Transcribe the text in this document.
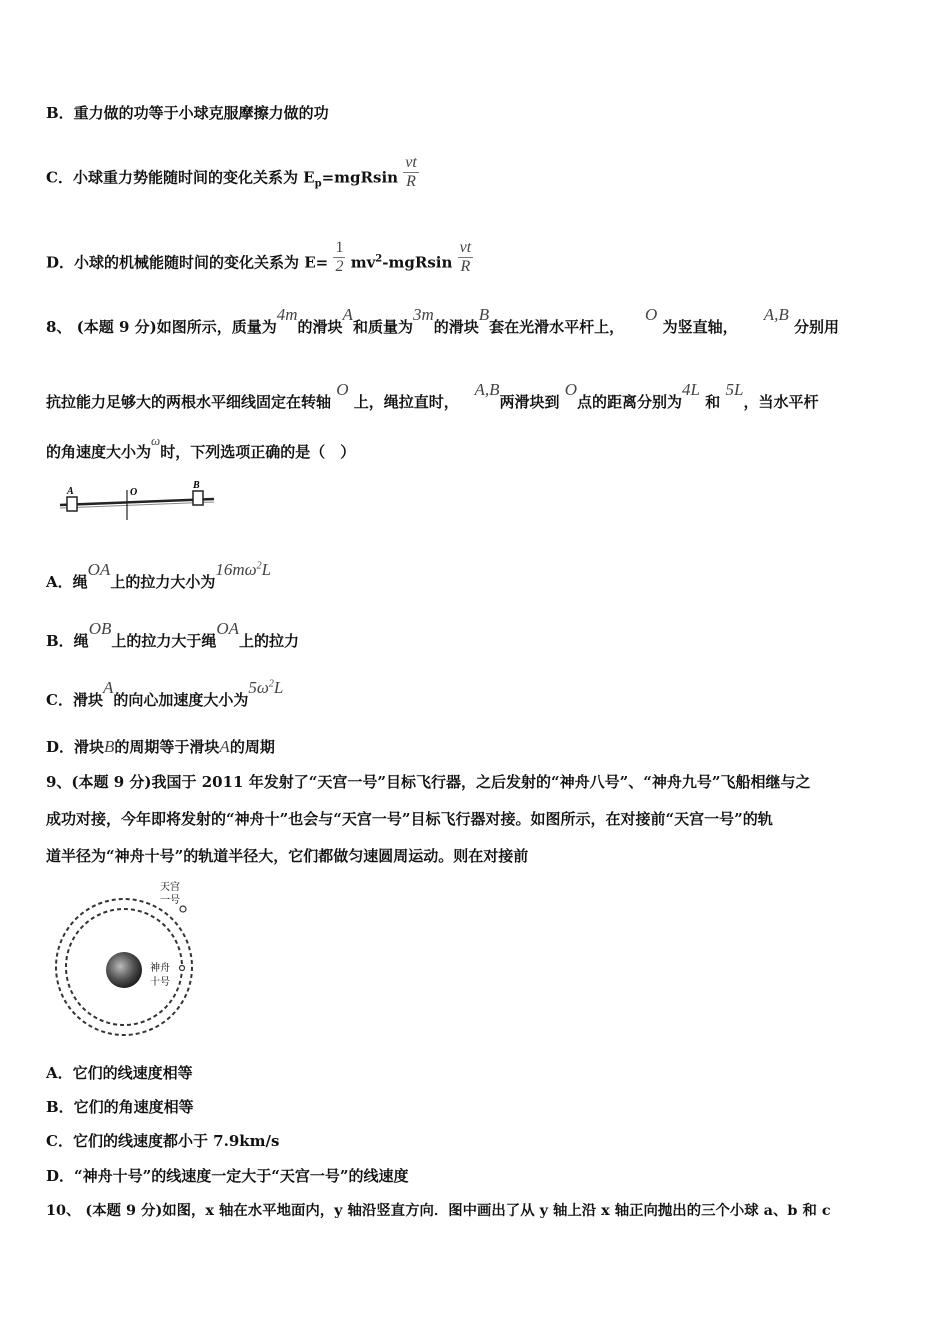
B．重力做的功等于小球克服摩擦力做的功
C．小球重力势能随时间的变化关系为 $E_p=mgRsin \frac{vt}{R}$
D．小球的机械能随时间的变化关系为 $E= \frac{1}{2} mv^2-mgRsin \frac{vt}{R}$
8、 (本题 9 分)如图所示，质量为4m的滑块A和质量为3m的滑块B套在光滑水平杆上，    O 为竖直轴，     A,B 分别用
抗拉能力足够大的两根水平细线固定在转轴 O 上，绳拉直时，   A,B两滑块到 O点的距离分别为4L 和 5L，当水平杆
的角速度大小为ω时，下列选项正确的是（　）
A	O
B
A．绳OA上的拉力大小为$16m\omega^2L$
B．绳OB上的拉力大于绳OA上的拉力
C．滑块A的向心加速度大小为$5\omega^2L$
D．滑块B的周期等于滑块A的周期
9、(本题 9 分)我国于 2011 年发射了“天宫一号”目标飞行器，之后发射的“神舟八号”、“神舟九号”飞船相继与之
成功对接，今年即将发射的“神舟十”也会与“天宫一号”目标飞行器对接。如图所示，在对接前“天宫一号”的轨
道半径为“神舟十号”的轨道半径大，它们都做匀速圆周运动。则在对接前
天宫
一号
神舟
十号
A．它们的线速度相等
B．它们的角速度相等
C．它们的线速度都小于 7.9km/s
D．“神舟十号”的线速度一定大于“天宫一号”的线速度
10、 (本题 9 分)如图，x 轴在水平地面内，y 轴沿竖直方向．图中画出了从 y 轴上沿 x 轴正向抛出的三个小球 a、b 和 c
